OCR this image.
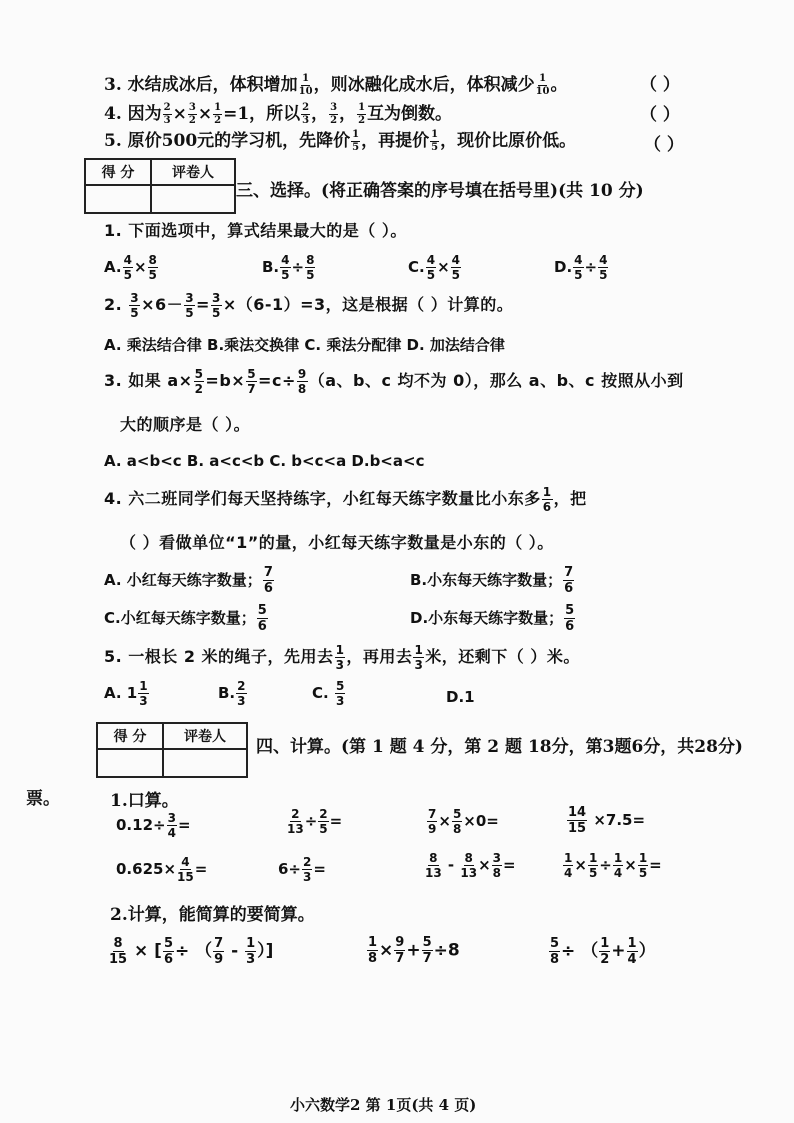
3. 水结成冰后，体积增加 $\frac{1}{10}$ ，则冰融化成水后，体积减少 $\frac{1}{10}$ 。	（ ）
4. 因为 $\frac{2}{3} \times \frac{3}{2} \times \frac{1}{2} =1$，所以 $\frac{2}{3}$ ， $\frac{3}{2}$ ， $\frac{1}{2}$ 互为倒数。	（ ）
5. 原价500元的学习机，先降价 $\frac{1}{5}$ ，再提价 $\frac{1}{5}$ ，现价比原价低。	（ ）
得 分	评卷人

三、选择。(将正确答案的序号填在括号里)(共 10 分)
1. 下面选项中，算式结果最大的是（ ）。
A. $\frac{4}{5} \times \frac{8}{5}$	B. $\frac{4}{5} \div \frac{8}{5}$	C. $\frac{4}{5} \times \frac{4}{5}$	D. $\frac{4}{5} \div \frac{4}{5}$
2. $\frac{3}{5} \times 6- \frac{3}{5} = \frac{3}{5} \times(6-1)=3$，这是根据（ ）计算的。
A. 乘法结合律 B.乘法交换律 C. 乘法分配律 D. 加法结合律
3. 如果 $a\times \frac{5}{2} =b\times \frac{5}{7} =c\div \frac{9}{8} (a$、b、c 均不为 0），那么 a、b、c 按照从小到
大的顺序是（ ）。
A. a<b<c B. a<c<b C. b<c<a D.b<a<c
4. 六二班同学们每天坚持练字，小红每天练字数量比小东多 $\frac{1}{6}$ ，把
（ ）看做单位“1”的量，小红每天练字数量是小东的（ ）。
A. 小红每天练字数量； $\frac{7}{6}$	B.小东每天练字数量； $\frac{7}{6}$
C.小红每天练字数量； $\frac{5}{6}$	D.小东每天练字数量； $\frac{5}{6}$
5. 一根长 2 米的绳子，先用去 $\frac{1}{3}$ ，再用去 $\frac{1}{3}$ 米，还剩下（ ）米。
A. $1 \frac{1}{3}$	B. $\frac{2}{3}$	C. $\frac{5}{3}$	D.1
得 分	评卷人
	四、计算。(第 1 题 4 分，第 2 题 18分，第3题6分，共28分)
票。	1.口算。
$0.12\div \frac{3}{4}$ =	$\frac{2}{13} \div \frac{2}{5}$ =	$\frac{7}{9} \times \frac{5}{8} \times 0=$	$\frac{14}{15} \times 7.5=$
$0.625\times \frac{4}{15}$ =	$6\div \frac{2}{3}$ =	$\frac{8}{13} - \frac{8}{13} \times \frac{3}{8}$ =	$\frac{1}{4} \times \frac{1}{5} \div \frac{1}{4} \times \frac{1}{5}$ =
2.计算，能简算的要简算。
$\frac{8}{15}$ × [ $\frac{5}{6}$ ÷ （ $\frac{7}{9} - \frac{1}{3}$ ）]	$\frac{1}{8} \times \frac{9}{7} + \frac{5}{7} \div 8$	$\frac{5}{8}$ ÷ （ $\frac{1}{2} + \frac{1}{4}$ ）
小六数学2 第 1页(共 4 页)
